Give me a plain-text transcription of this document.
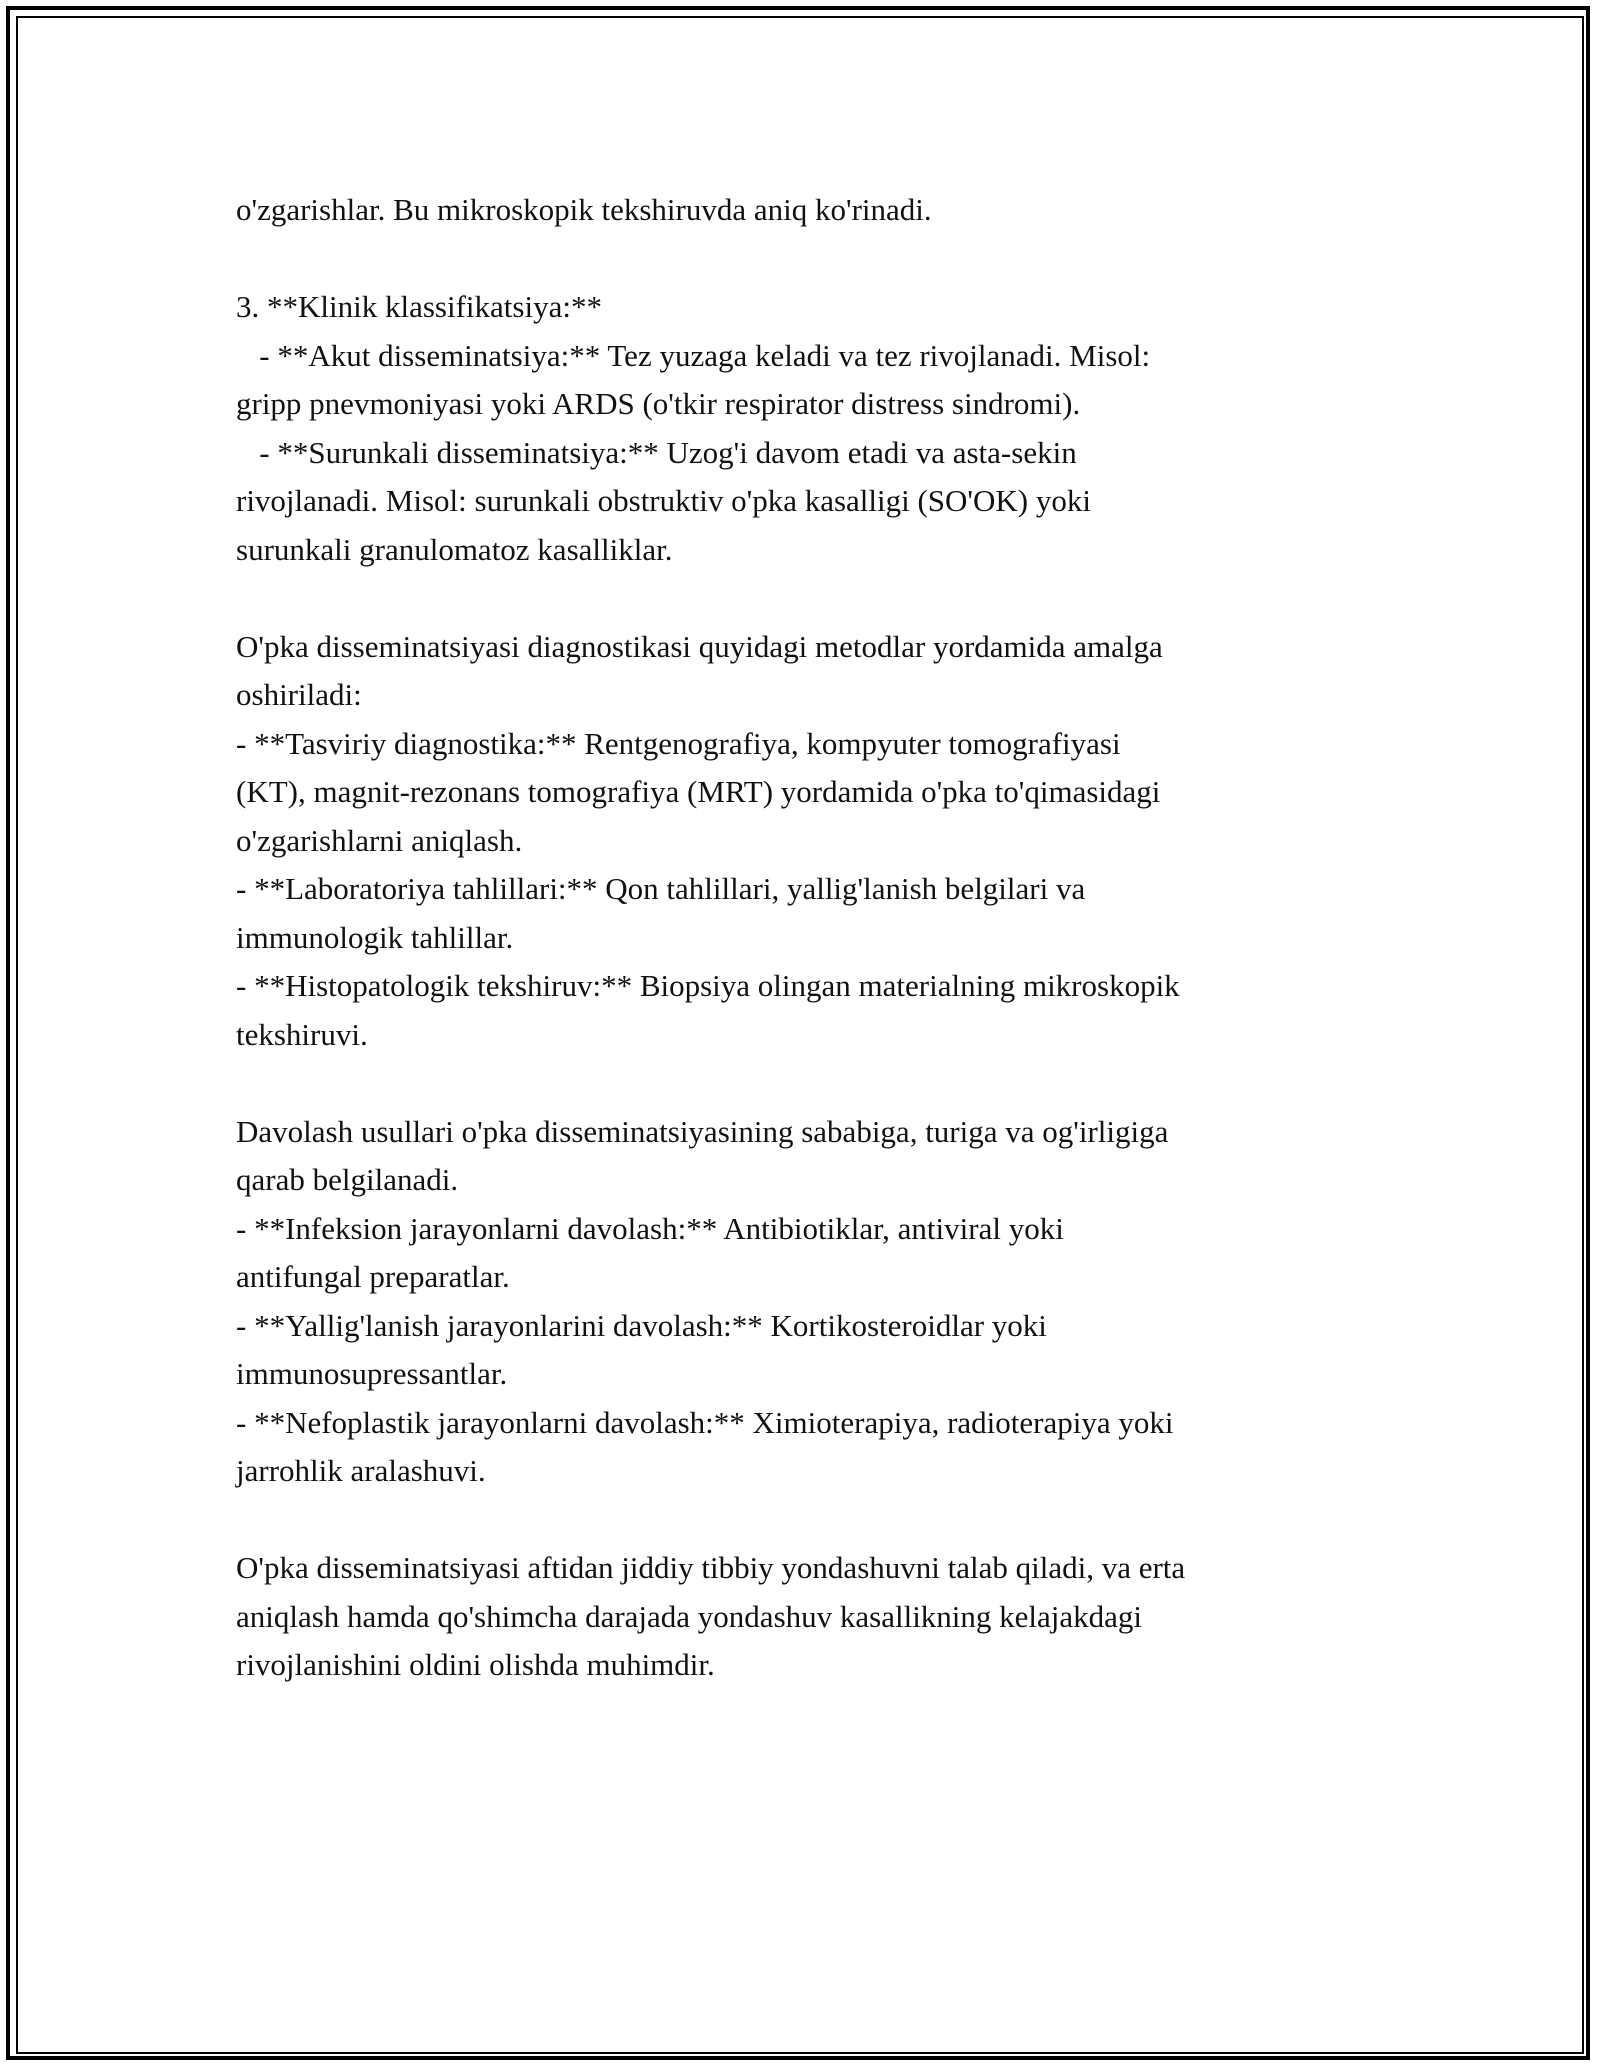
o'zgarishlar. Bu mikroskopik tekshiruvda aniq ko'rinadi.
3. **Klinik klassifikatsiya:**
- **Akut disseminatsiya:** Tez yuzaga keladi va tez rivojlanadi. Misol:
gripp pnevmoniyasi yoki ARDS (o'tkir respirator distress sindromi).
- **Surunkali disseminatsiya:** Uzog'i davom etadi va asta-sekin
rivojlanadi. Misol: surunkali obstruktiv o'pka kasalligi (SO'OK) yoki
surunkali granulomatoz kasalliklar.
O'pka disseminatsiyasi diagnostikasi quyidagi metodlar yordamida amalga
oshiriladi:
- **Tasviriy diagnostika:** Rentgenografiya, kompyuter tomografiyasi
(KT), magnit-rezonans tomografiya (MRT) yordamida o'pka to'qimasidagi
o'zgarishlarni aniqlash.
- **Laboratoriya tahlillari:** Qon tahlillari, yallig'lanish belgilari va
immunologik tahlillar.
- **Histopatologik tekshiruv:** Biopsiya olingan materialning mikroskopik
tekshiruvi.
Davolash usullari o'pka disseminatsiyasining sababiga, turiga va og'irligiga
qarab belgilanadi.
- **Infeksion jarayonlarni davolash:** Antibiotiklar, antiviral yoki
antifungal preparatlar.
- **Yallig'lanish jarayonlarini davolash:** Kortikosteroidlar yoki
immunosupressantlar.
- **Nefoplastik jarayonlarni davolash:** Ximioterapiya, radioterapiya yoki
jarrohlik aralashuvi.
O'pka disseminatsiyasi aftidan jiddiy tibbiy yondashuvni talab qiladi, va erta
aniqlash hamda qo'shimcha darajada yondashuv kasallikning kelajakdagi
rivojlanishini oldini olishda muhimdir.
